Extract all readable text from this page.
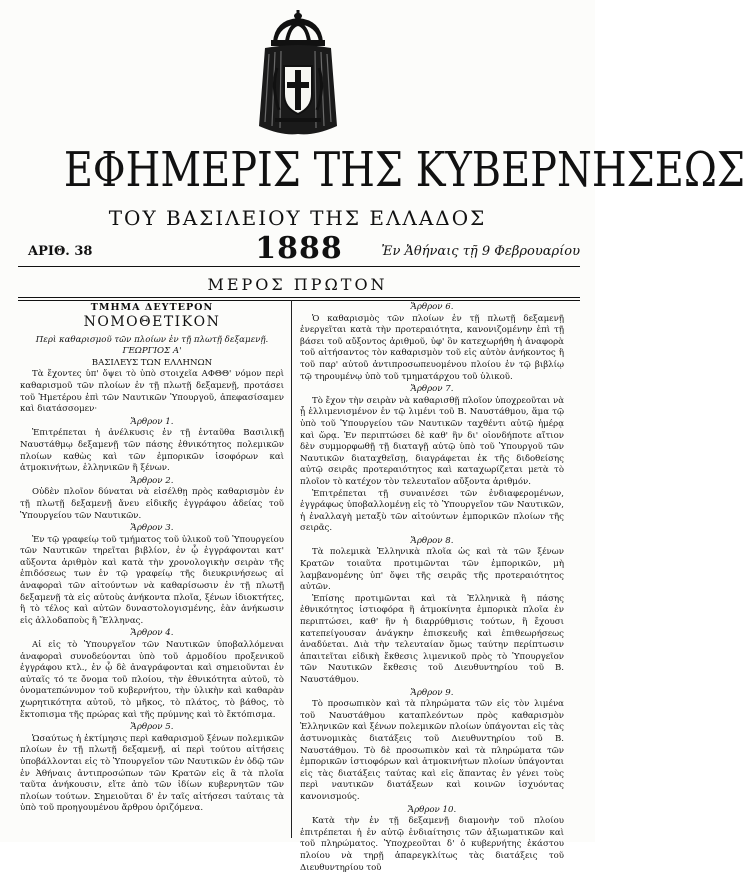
ΕΦΗΜΕΡΙΣ ΤΗΣ ΚΥΒΕΡΝΗΣΕΩΣ
ΤΟΥ ΒΑΣΙΛΕΙΟΥ ΤΗΣ ΕΛΛΑΔΟΣ
ΑΡΙΘ. 38	1888	Ἐν Ἀθήναις τῇ 9 Φεβρουαρίου
ΜΕΡΟΣ ΠΡΩΤΟΝ

ΤΜΗΜΑ ΔΕΥΤΕΡΟΝ

ΝΟΜΟΘΕΤΙΚΟΝ

Περὶ καθαρισμοῦ τῶν πλοίων ἐν τῇ πλωτῇ δεξαμενῇ.

ΓΕΩΡΓΙΟΣ Α'

ΒΑΣΙΛΕΥΣ ΤΩΝ ΕΛΛΗΝΩΝ

Τὰ ἔχοντες ὑπ' ὄψει τὸ ὑπὸ στοιχεῖα ΑΦΘΘ' νόμον περὶ καθαρισμοῦ τῶν πλοίων ἐν τῇ πλωτῇ δεξαμενῇ, προτάσει τοῦ Ἡμετέρου ἐπὶ τῶν Ναυτικῶν Ὑπουργοῦ, ἀπεφασίσαμεν καὶ διατάσσομεν·

Ἄρθρον 1.

Ἐπιτρέπεται ἡ ἀνέλκυσις ἐν τῇ ἐνταῦθα Βασιλικῇ Ναυστάθμῳ δεξαμενῇ τῶν πάσης ἐθνικότητος πολεμικῶν πλοίων καθὼς καὶ τῶν ἐμπορικῶν ἰσοφόρων καὶ ἀτμοκινήτων, ἑλληνικῶν ἢ ξένων.

Ἄρθρον 2.

Οὐδὲν πλοῖον δύναται νὰ εἰσέλθῃ πρὸς καθαρισμὸν ἐν τῇ πλωτῇ δεξαμενῇ ἄνευ εἰδικῆς ἐγγράφου ἀδείας τοῦ Ὑπουργείου τῶν Ναυτικῶν.

Ἄρθρον 3.

Ἐν τῷ γραφείῳ τοῦ τμήματος τοῦ ὑλικοῦ τοῦ Ὑπουργείου τῶν Ναυτικῶν τηρεῖται βιβλίον, ἐν ᾧ ἐγγράφονται κατ' αὔξοντα ἀριθμὸν καὶ κατὰ τὴν χρονολογικὴν σειρὰν τῆς ἐπιδόσεως των ἐν τῷ γραφείῳ τῆς διευκρινήσεως αἱ ἀναφοραὶ τῶν αἰτούντων νὰ καθαρίσωσιν ἐν τῇ πλωτῇ δεξαμενῇ τὰ εἰς αὐτοὺς ἀνήκοντα πλοῖα, ξένων ἰδιοκτήτες, ἢ τὸ τέλος καὶ αὐτῶν δυναστολογισμένης, ἐὰν ἀνήκωσιν εἰς ἀλλοδαποὺς ἢ Ἕλληνας.

Ἄρθρον 4.

Αἱ εἰς τὸ Ὑπουργεῖον τῶν Ναυτικῶν ὑποβαλλόμεναι ἀναφοραὶ συνοδεύονται ὑπὸ τοῦ ἁρμοδίου προξενικοῦ ἐγγράφου κτλ., ἐν ᾧ δὲ ἀναγράφονται καὶ σημειοῦνται ἐν αὐταῖς τό τε ὄνομα τοῦ πλοίου, τὴν ἐθνικότητα αὐτοῦ, τὸ ὀνοματεπώνυμον τοῦ κυβερνήτου, τὴν ὑλικὴν καὶ καθαρὰν χωρητικότητα αὐτοῦ, τὸ μῆκος, τὸ πλάτος, τὸ βάθος, τὸ ἔκτοπισμα τῆς πρώρας καὶ τῆς πρύμνης καὶ τὸ ἔκτόπισμα.

Ἄρθρον 5.

Ὡσαύτως ἡ ἐκτίμησις περὶ καθαρισμοῦ ξένων πολεμικῶν πλοίων ἐν τῇ πλωτῇ δεξαμενῇ, αἱ περὶ τούτου αἰτήσεις ὑποβάλλονται εἰς τὸ Ὑπουργεῖον τῶν Ναυτικῶν ἐν ὁδῷ τῶν ἐν Ἀθήναις ἀντιπροσώπων τῶν Κρατῶν εἰς ἃ τὰ πλοῖα ταῦτα ἀνήκουσιν, εἴτε ἀπὸ τῶν ἰδίων κυβερνητῶν τῶν πλοίων τούτων. Σημειοῦται δ' ἐν ταῖς αἰτήσεσι ταύταις τὰ ὑπὸ τοῦ προηγουμένου ἄρθρου ὁριζόμενα.

Ἄρθρον 6.

Ὁ καθαρισμὸς τῶν πλοίων ἐν τῇ πλωτῇ δεξαμενῇ ἐνεργεῖται κατὰ τὴν προτεραιότητα, κανονιζομένην ἐπὶ τῇ βάσει τοῦ αὔξοντος ἀριθμοῦ, ὑφ' ὃν κατεχωρήθη ἡ ἀναφορὰ τοῦ αἰτήσαντος τὸν καθαρισμὸν τοῦ εἰς αὐτὸν ἀνήκοντος ἢ τοῦ παρ' αὐτοῦ ἀντιπροσωπευομένου πλοίου ἐν τῷ βιβλίῳ τῷ τηρουμένῳ ὑπὸ τοῦ τμηματάρχου τοῦ ὑλικοῦ.

Ἄρθρον 7.

Τὸ ἔχον τὴν σειρὰν νὰ καθαρισθῇ πλοῖον ὑποχρεοῦται νὰ ᾖ ἑλλιμενισμένον ἐν τῷ λιμένι τοῦ Β. Ναυστάθμου, ἅμα τῷ ὑπὸ τοῦ Ὑπουργείου τῶν Ναυτικῶν ταχθέντι αὐτῷ ἡμέρᾳ καὶ ὥρᾳ. Ἐν περιπτώσει δὲ καθ' ἣν δι' οἱονδήποτε αἴτιον δὲν συμμορφωθῇ τῇ διαταγῇ αὐτῷ ὑπὸ τοῦ Ὑπουργοῦ τῶν Ναυτικῶν διαταχθεῖσῃ, διαγράφεται ἐκ τῆς διδοθείσης αὐτῷ σειρᾶς προτεραιότητος καὶ καταχωρίζεται μετὰ τὸ πλοῖον τὸ κατέχον τὸν τελευταῖον αὔξοντα ἀριθμόν.

Ἐπιτρέπεται τῇ συναινέσει τῶν ἐνδιαφερομένων, ἐγγράφως ὑποβαλλομένῃ εἰς τὸ Ὑπουργεῖον τῶν Ναυτικῶν, ἡ ἐναλλαγὴ μεταξὺ τῶν αἰτούντων ἐμπορικῶν πλοίων τῆς σειρᾶς.

Ἄρθρον 8.

Τὰ πολεμικὰ Ἑλληνικὰ πλοῖα ὡς καὶ τὰ τῶν ξένων Κρατῶν τοιαῦτα προτιμῶνται τῶν ἐμπορικῶν, μὴ λαμβανομένης ὑπ' ὄψει τῆς σειρᾶς τῆς προτεραιότητος αὐτῶν.

Ἐπίσης προτιμῶνται καὶ τὰ Ἑλληνικὰ ἢ πάσης ἐθνικότητος ἱστιοφόρα ἢ ἀτμοκίνητα ἐμπορικὰ πλοῖα ἐν περιπτώσει, καθ' ἣν ἡ διαρρύθμισις τούτων, ἢ ἔχουσι κατεπείγουσαν ἀνάγκην ἐπισκευῆς καὶ ἐπιθεωρήσεως ἀναδύεται. Διὰ τὴν τελευταίαν ὅμως ταύτην περίπτωσιν ἀπαιτεῖται εἰδικὴ ἔκθεσις λιμενικοῦ πρὸς τὸ Ὑπουργεῖον τῶν Ναυτικῶν ἔκθεσις τοῦ Διευθυντηρίου τοῦ Β. Ναυστάθμου.

Ἄρθρον 9.

Τὸ προσωπικὸν καὶ τὰ πληρώματα τῶν εἰς τὸν λιμένα τοῦ Ναυστάθμου καταπλεόντων πρὸς καθαρισμὸν Ἑλληνικῶν καὶ ξένων πολεμικῶν πλοίων ὑπάγονται εἰς τὰς ἀστυνομικὰς διατάξεις τοῦ Διευθυντηρίου τοῦ Β. Ναυστάθμου. Τὸ δὲ προσωπικὸν καὶ τὰ πληρώματα τῶν ἐμπορικῶν ἱστιοφόρων καὶ ἀτμοκινήτων πλοίων ὑπάγονται εἰς τὰς διατάξεις ταύτας καὶ εἰς ἅπαντας ἐν γένει τοὺς περὶ ναυτικῶν διατάξεων καὶ κοινῶν ἰσχυόντας κανονισμούς.

Ἄρθρον 10.

Κατὰ τὴν ἐν τῇ δεξαμενῇ διαμονὴν τοῦ πλοίου ἐπιτρέπεται ἡ ἐν αὐτῷ ἐνδιαίτησις τῶν ἀξιωματικῶν καὶ τοῦ πληρώματος. Ὑποχρεοῦται δ' ὁ κυβερνήτης ἑκάστου πλοίου νὰ τηρῇ ἀπαρεγκλίτως τὰς διατάξεις τοῦ Διευθυντηρίου τοῦ
